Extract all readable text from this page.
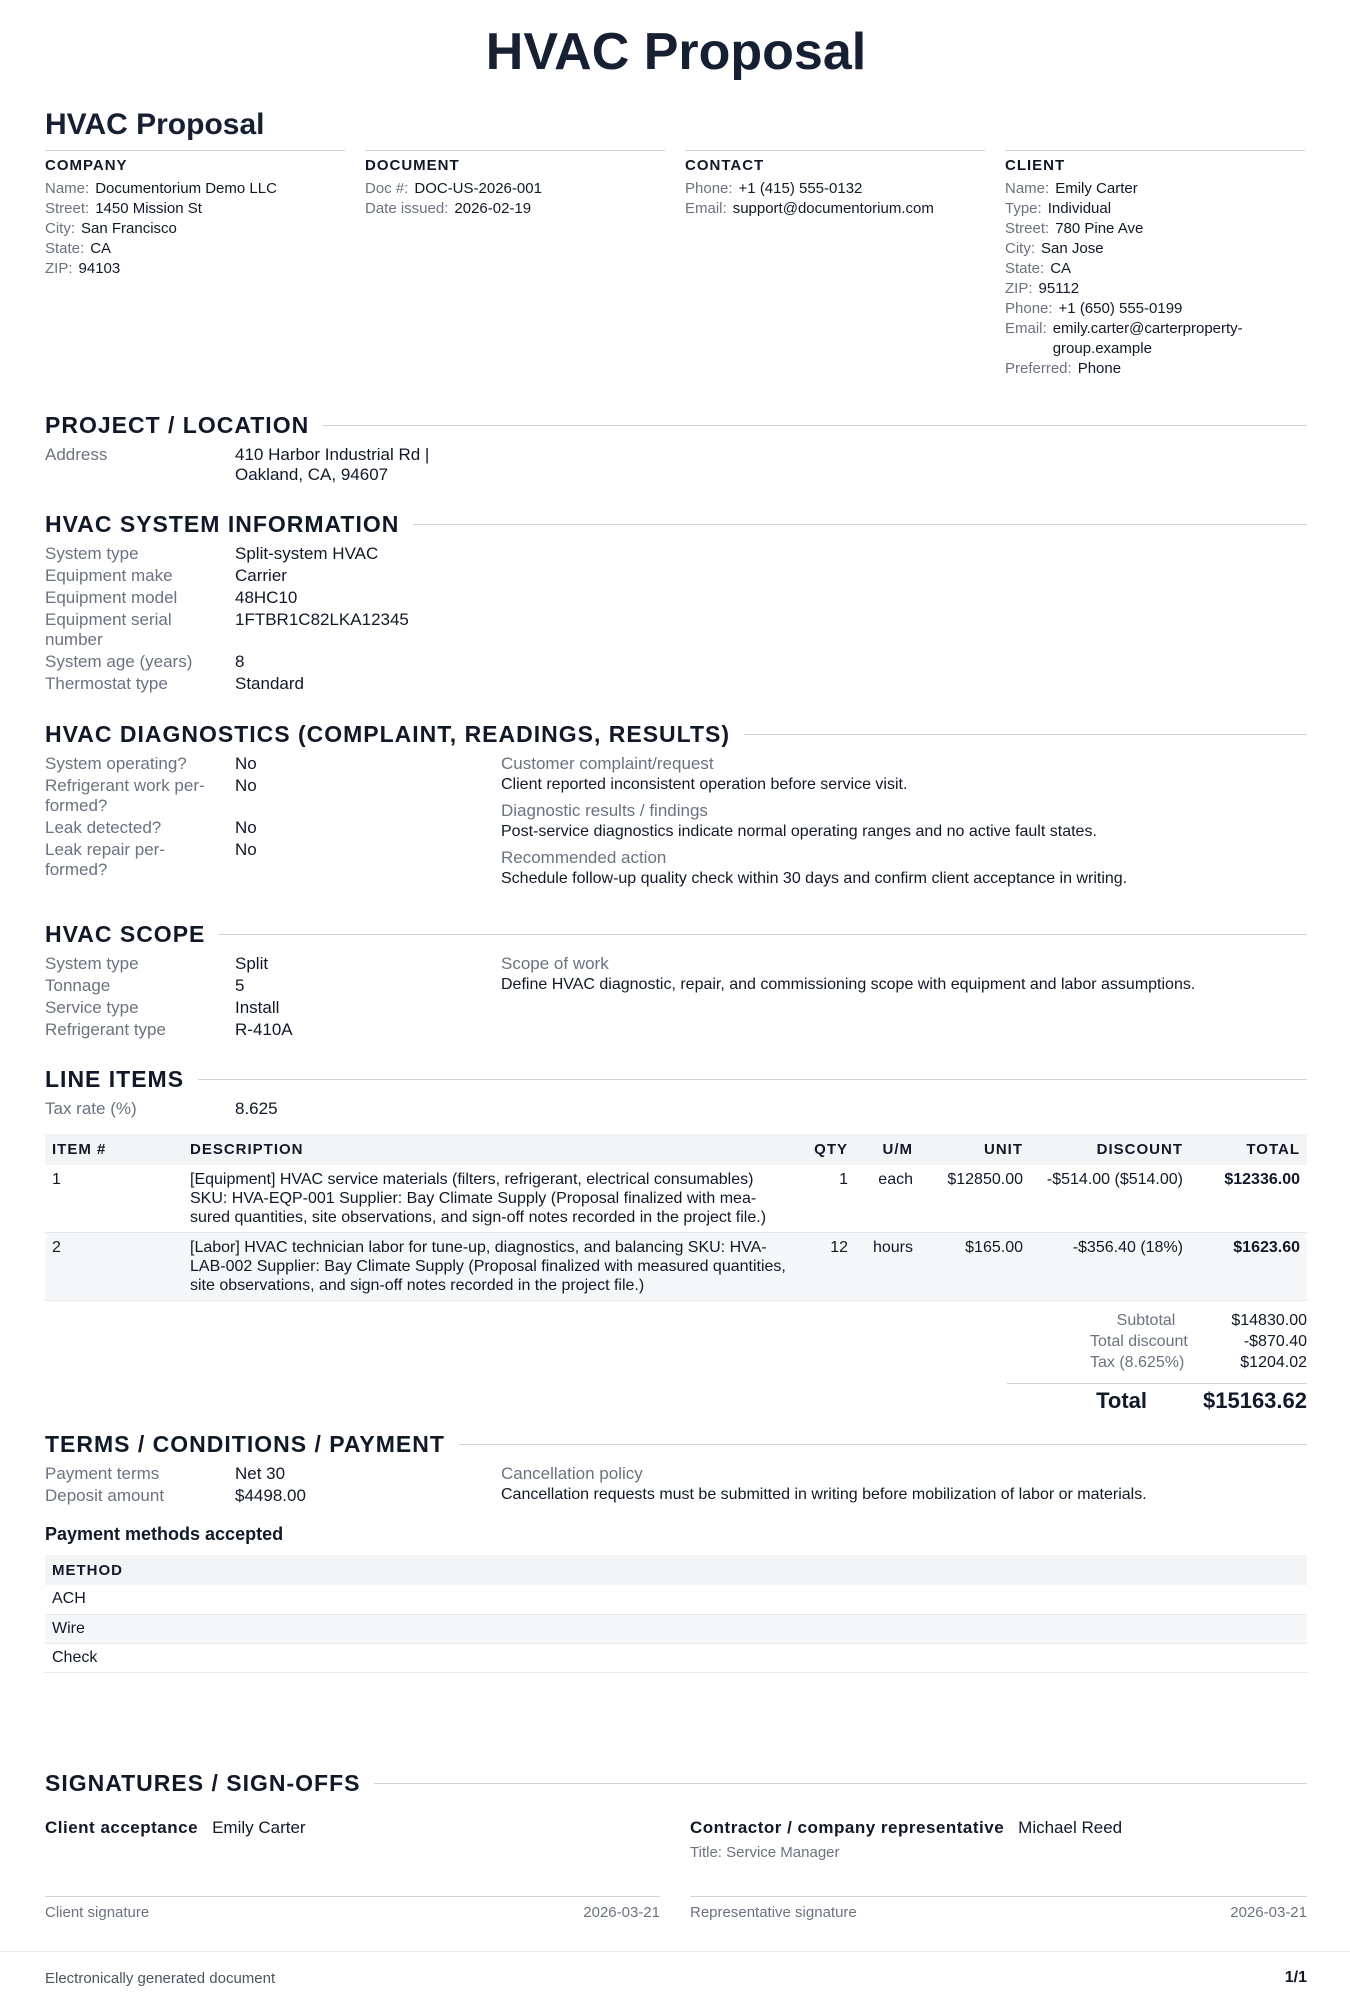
HVAC Proposal
HVAC Proposal
COMPANY
Name: Documentorium Demo LLC
Street: 1450 Mission St
City: San Francisco
State: CA
ZIP: 94103
DOCUMENT
Doc #: DOC-US-2026-001
Date issued: 2026-02-19
CONTACT
Phone: +1 (415) 555-0132
Email: support@documentorium.com
CLIENT
Name: Emily Carter
Type: Individual
Street: 780 Pine Ave
City: San Jose
State: CA
ZIP: 95112
Phone: +1 (650) 555-0199
Email: emily.carter@carterproperty-group.example
Preferred: Phone
PROJECT / LOCATION
Address	410 Harbor Industrial Rd |
Oakland, CA, 94607
HVAC SYSTEM INFORMATION
System type	Split-system HVAC
Equipment make	Carrier
Equipment model	48HC10
Equipment serial number
1FTBR1C82LKA12345
System age (years)	8
Thermostat type	Standard
HVAC DIAGNOSTICS (COMPLAINT, READINGS, RESULTS)
System operating?	No
Refrigerant work per-formed?
No
Leak detected?	No
Leak repair per-formed?
No
Customer complaint/request
Client reported inconsistent operation before service visit.
Diagnostic results / findings
Post-service diagnostics indicate normal operating ranges and no active fault states.
Recommended action
Schedule follow-up quality check within 30 days and confirm client acceptance in writing.
HVAC SCOPE
System type	Split
Tonnage	5
Service type	Install
Refrigerant type	R-410A
Scope of work
Define HVAC diagnostic, repair, and commissioning scope with equipment and labor assumptions.
LINE ITEMS
Tax rate (%)	8.625
ITEM #	DESCRIPTION	QTY	U/M	UNIT	DISCOUNT	TOTAL
1	[Equipment] HVAC service materials (filters, refrigerant, electrical consumables) SKU: HVA-EQP-001 Supplier: Bay Climate Supply (Proposal finalized with mea-sured quantities, site observations, and sign-off notes recorded in the project file.)	1	each	$12850.00	-$514.00 ($514.00)	$12336.00
2	[Labor] HVAC technician labor for tune-up, diagnostics, and balancing SKU: HVA-LAB-002 Supplier: Bay Climate Supply (Proposal finalized with measured quantities, site observations, and sign-off notes recorded in the project file.)	12	hours	$165.00	-$356.40 (18%)	$1623.60
Subtotal	$14830.00
Total discount	-$870.40
Tax (8.625%)	$1204.02
Total	$15163.62
TERMS / CONDITIONS / PAYMENT
Payment terms	Net 30
Deposit amount	$4498.00
Cancellation policy
Cancellation requests must be submitted in writing before mobilization of labor or materials.
Payment methods accepted
METHOD
ACH
Wire
Check
SIGNATURES / SIGN-OFFS
Client acceptance Emily Carter
Client signature	2026-03-21
Contractor / company representative Michael Reed
Title: Service Manager
Representative signature	2026-03-21
Electronically generated document	1/1
